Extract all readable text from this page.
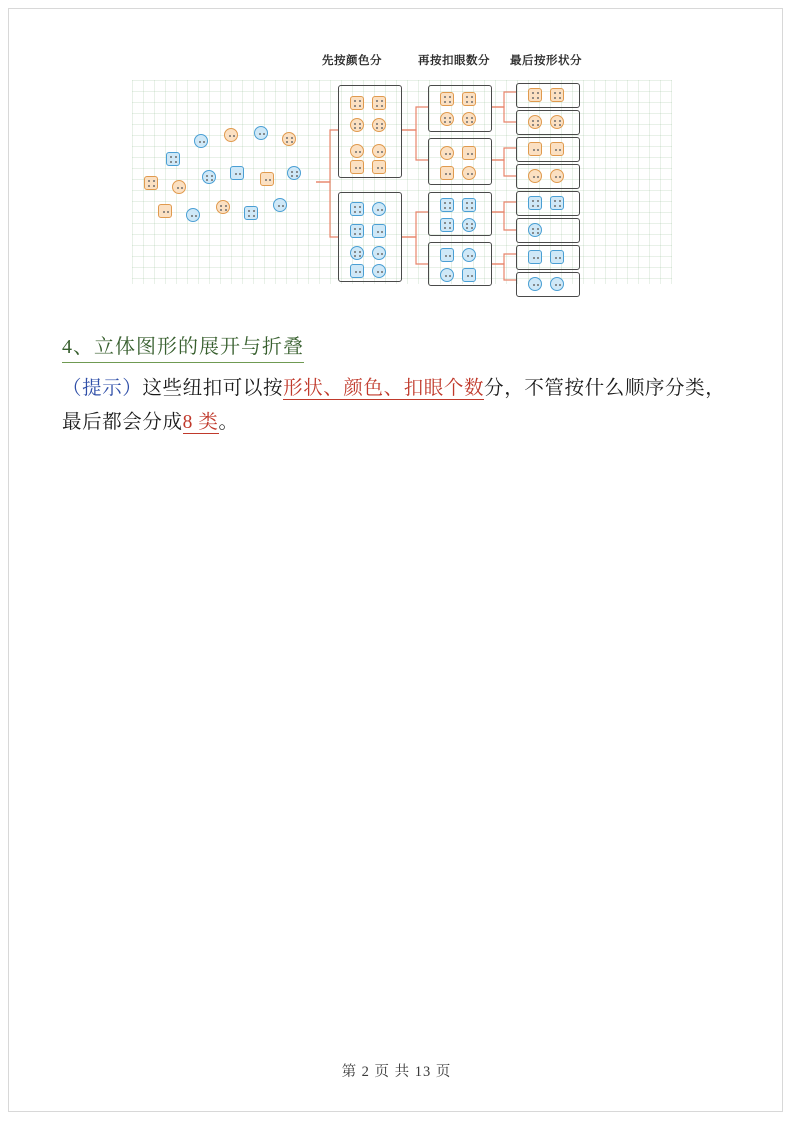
先按颜色分	再按扣眼数分 最后按形状分
4、立体图形的展开与折叠
（提示）这些纽扣可以按形状、颜色、扣眼个数分，不管按什么顺序分类，最后都会分成8 类。
第 2 页 共 13 页
